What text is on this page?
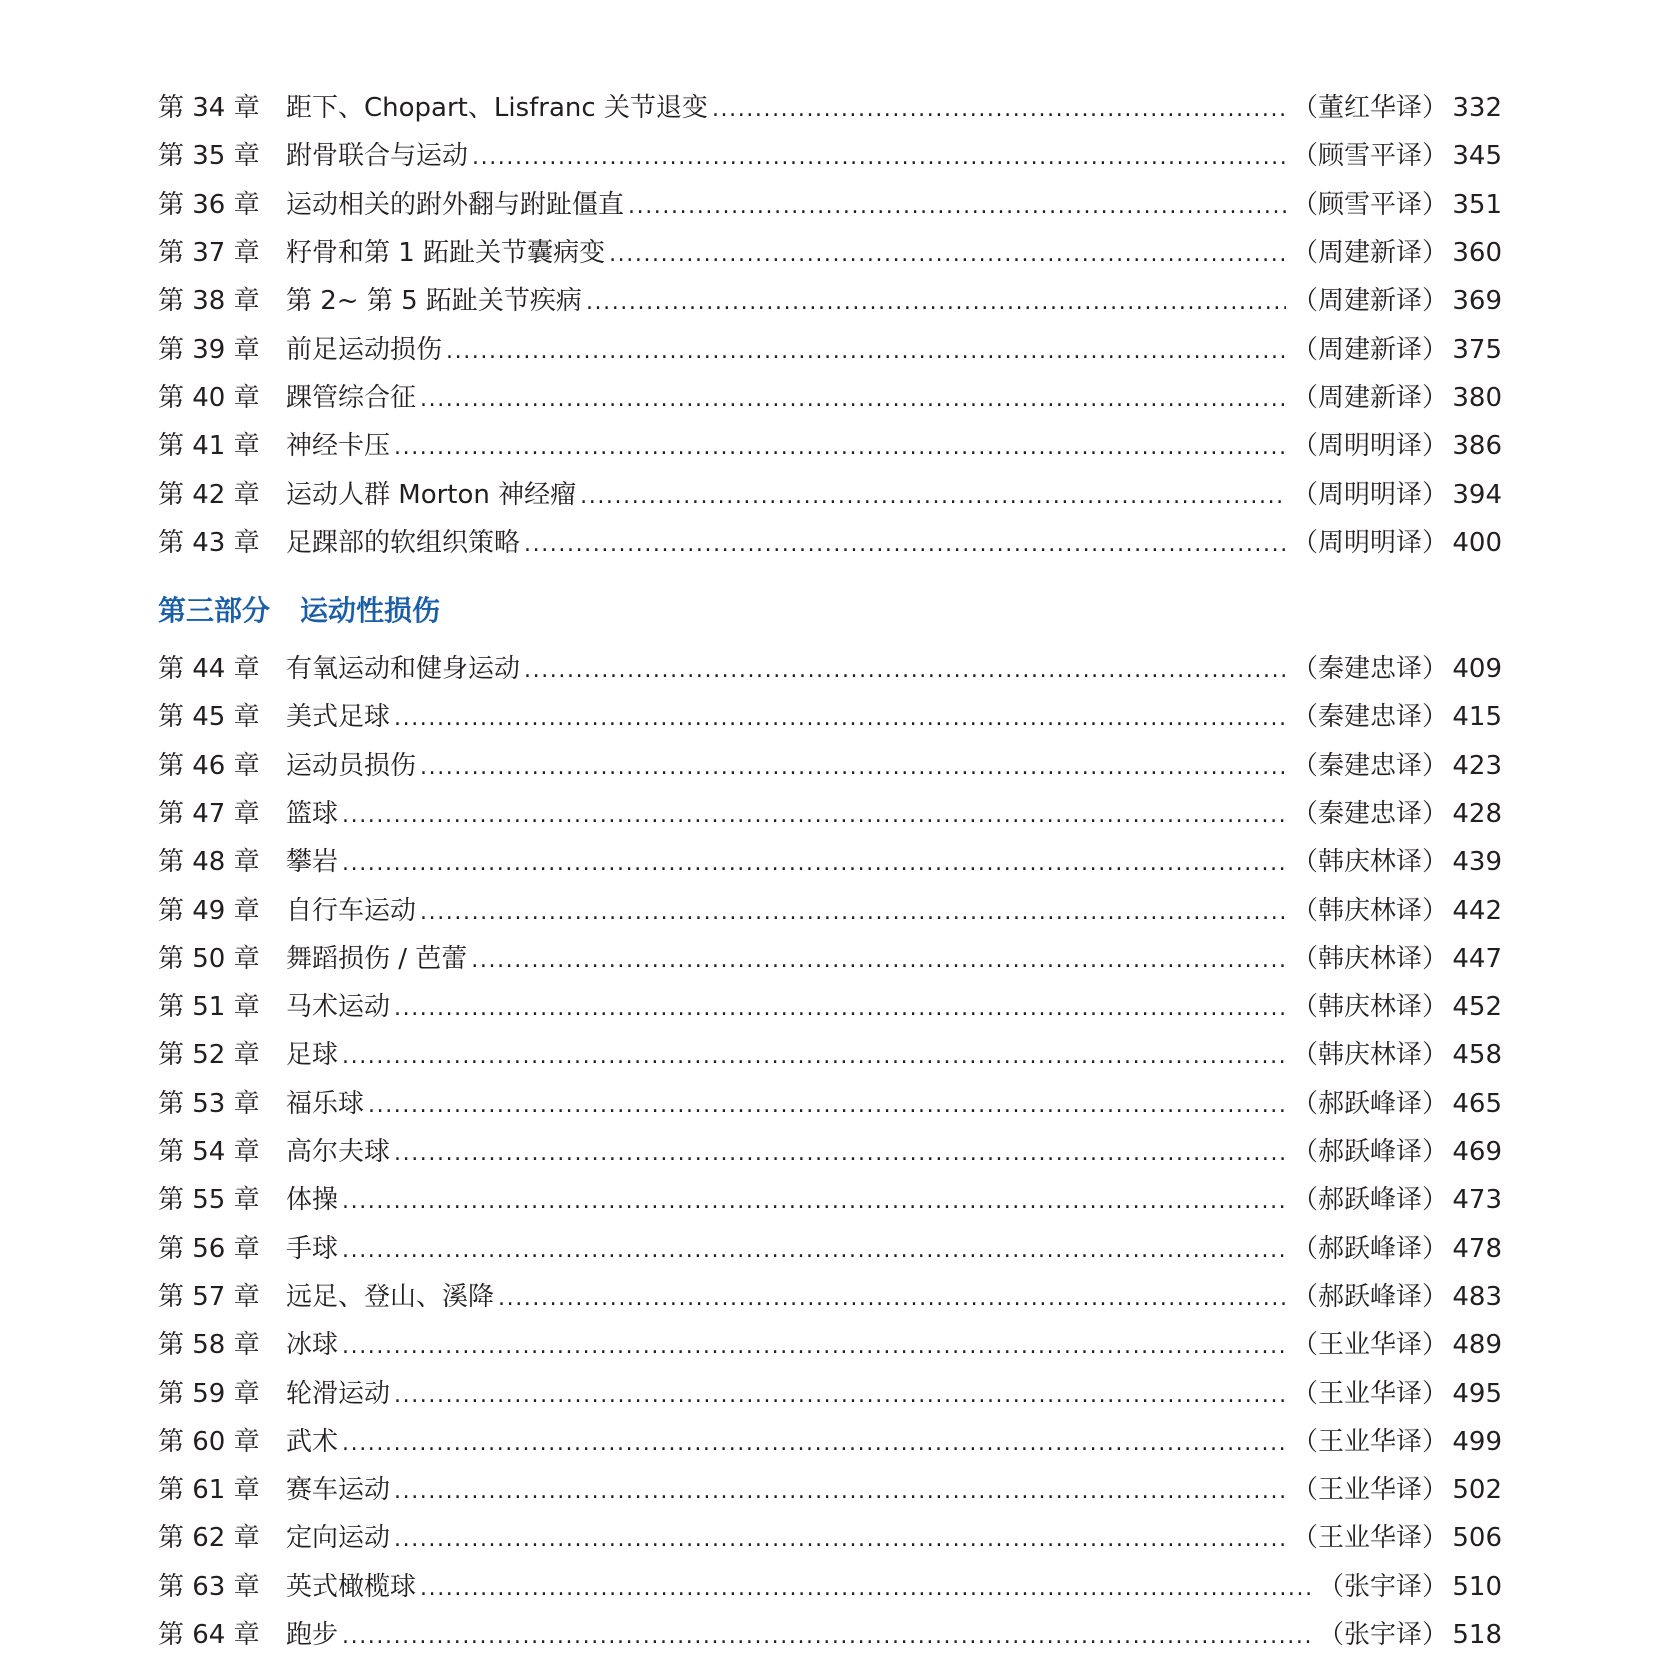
第 34 章	距下、Chopart、Lisfranc 关节退变 .....	（董红华译） 332
第 35 章	跗骨联合与运动 .....	（顾雪平译） 345
第 36 章	运动相关的跗外翻与跗趾僵直 .....	（顾雪平译） 351
第 37 章	籽骨和第 1 跖趾关节囊病变 .....	（周建新译） 360
第 38 章	第 2~ 第 5 跖趾关节疾病 .....	（周建新译） 369
第 39 章	前足运动损伤 .....	（周建新译） 375
第 40 章	踝管综合征 .....	（周建新译） 380
第 41 章	神经卡压 .....	（周明明译） 386
第 42 章	运动人群 Morton 神经瘤 .....	（周明明译） 394
第 43 章	足踝部的软组织策略 .....	（周明明译） 400
第三部分 运动性损伤
第 44 章	有氧运动和健身运动 .....	（秦建忠译） 409
第 45 章	美式足球 .....	（秦建忠译） 415
第 46 章	运动员损伤 .....	（秦建忠译） 423
第 47 章	篮球 .....	（秦建忠译） 428
第 48 章	攀岩 .....	（韩庆林译） 439
第 49 章	自行车运动 .....	（韩庆林译） 442
第 50 章	舞蹈损伤 / 芭蕾 .....	（韩庆林译） 447
第 51 章	马术运动 .....	（韩庆林译） 452
第 52 章	足球 .....	（韩庆林译） 458
第 53 章	福乐球 .....	（郝跃峰译） 465
第 54 章	高尔夫球 .....	（郝跃峰译） 469
第 55 章	体操 .....	（郝跃峰译） 473
第 56 章	手球 .....	（郝跃峰译） 478
第 57 章	远足、登山、溪降 .....	（郝跃峰译） 483
第 58 章	冰球 .....	（王业华译） 489
第 59 章	轮滑运动 .....	（王业华译） 495
第 60 章	武术 .....	（王业华译） 499
第 61 章	赛车运动 .....	（王业华译） 502
第 62 章	定向运动 .....	（王业华译） 506
第 63 章	英式橄榄球 .....	（张宇译） 510
第 64 章	跑步 .....	（张宇译） 518
